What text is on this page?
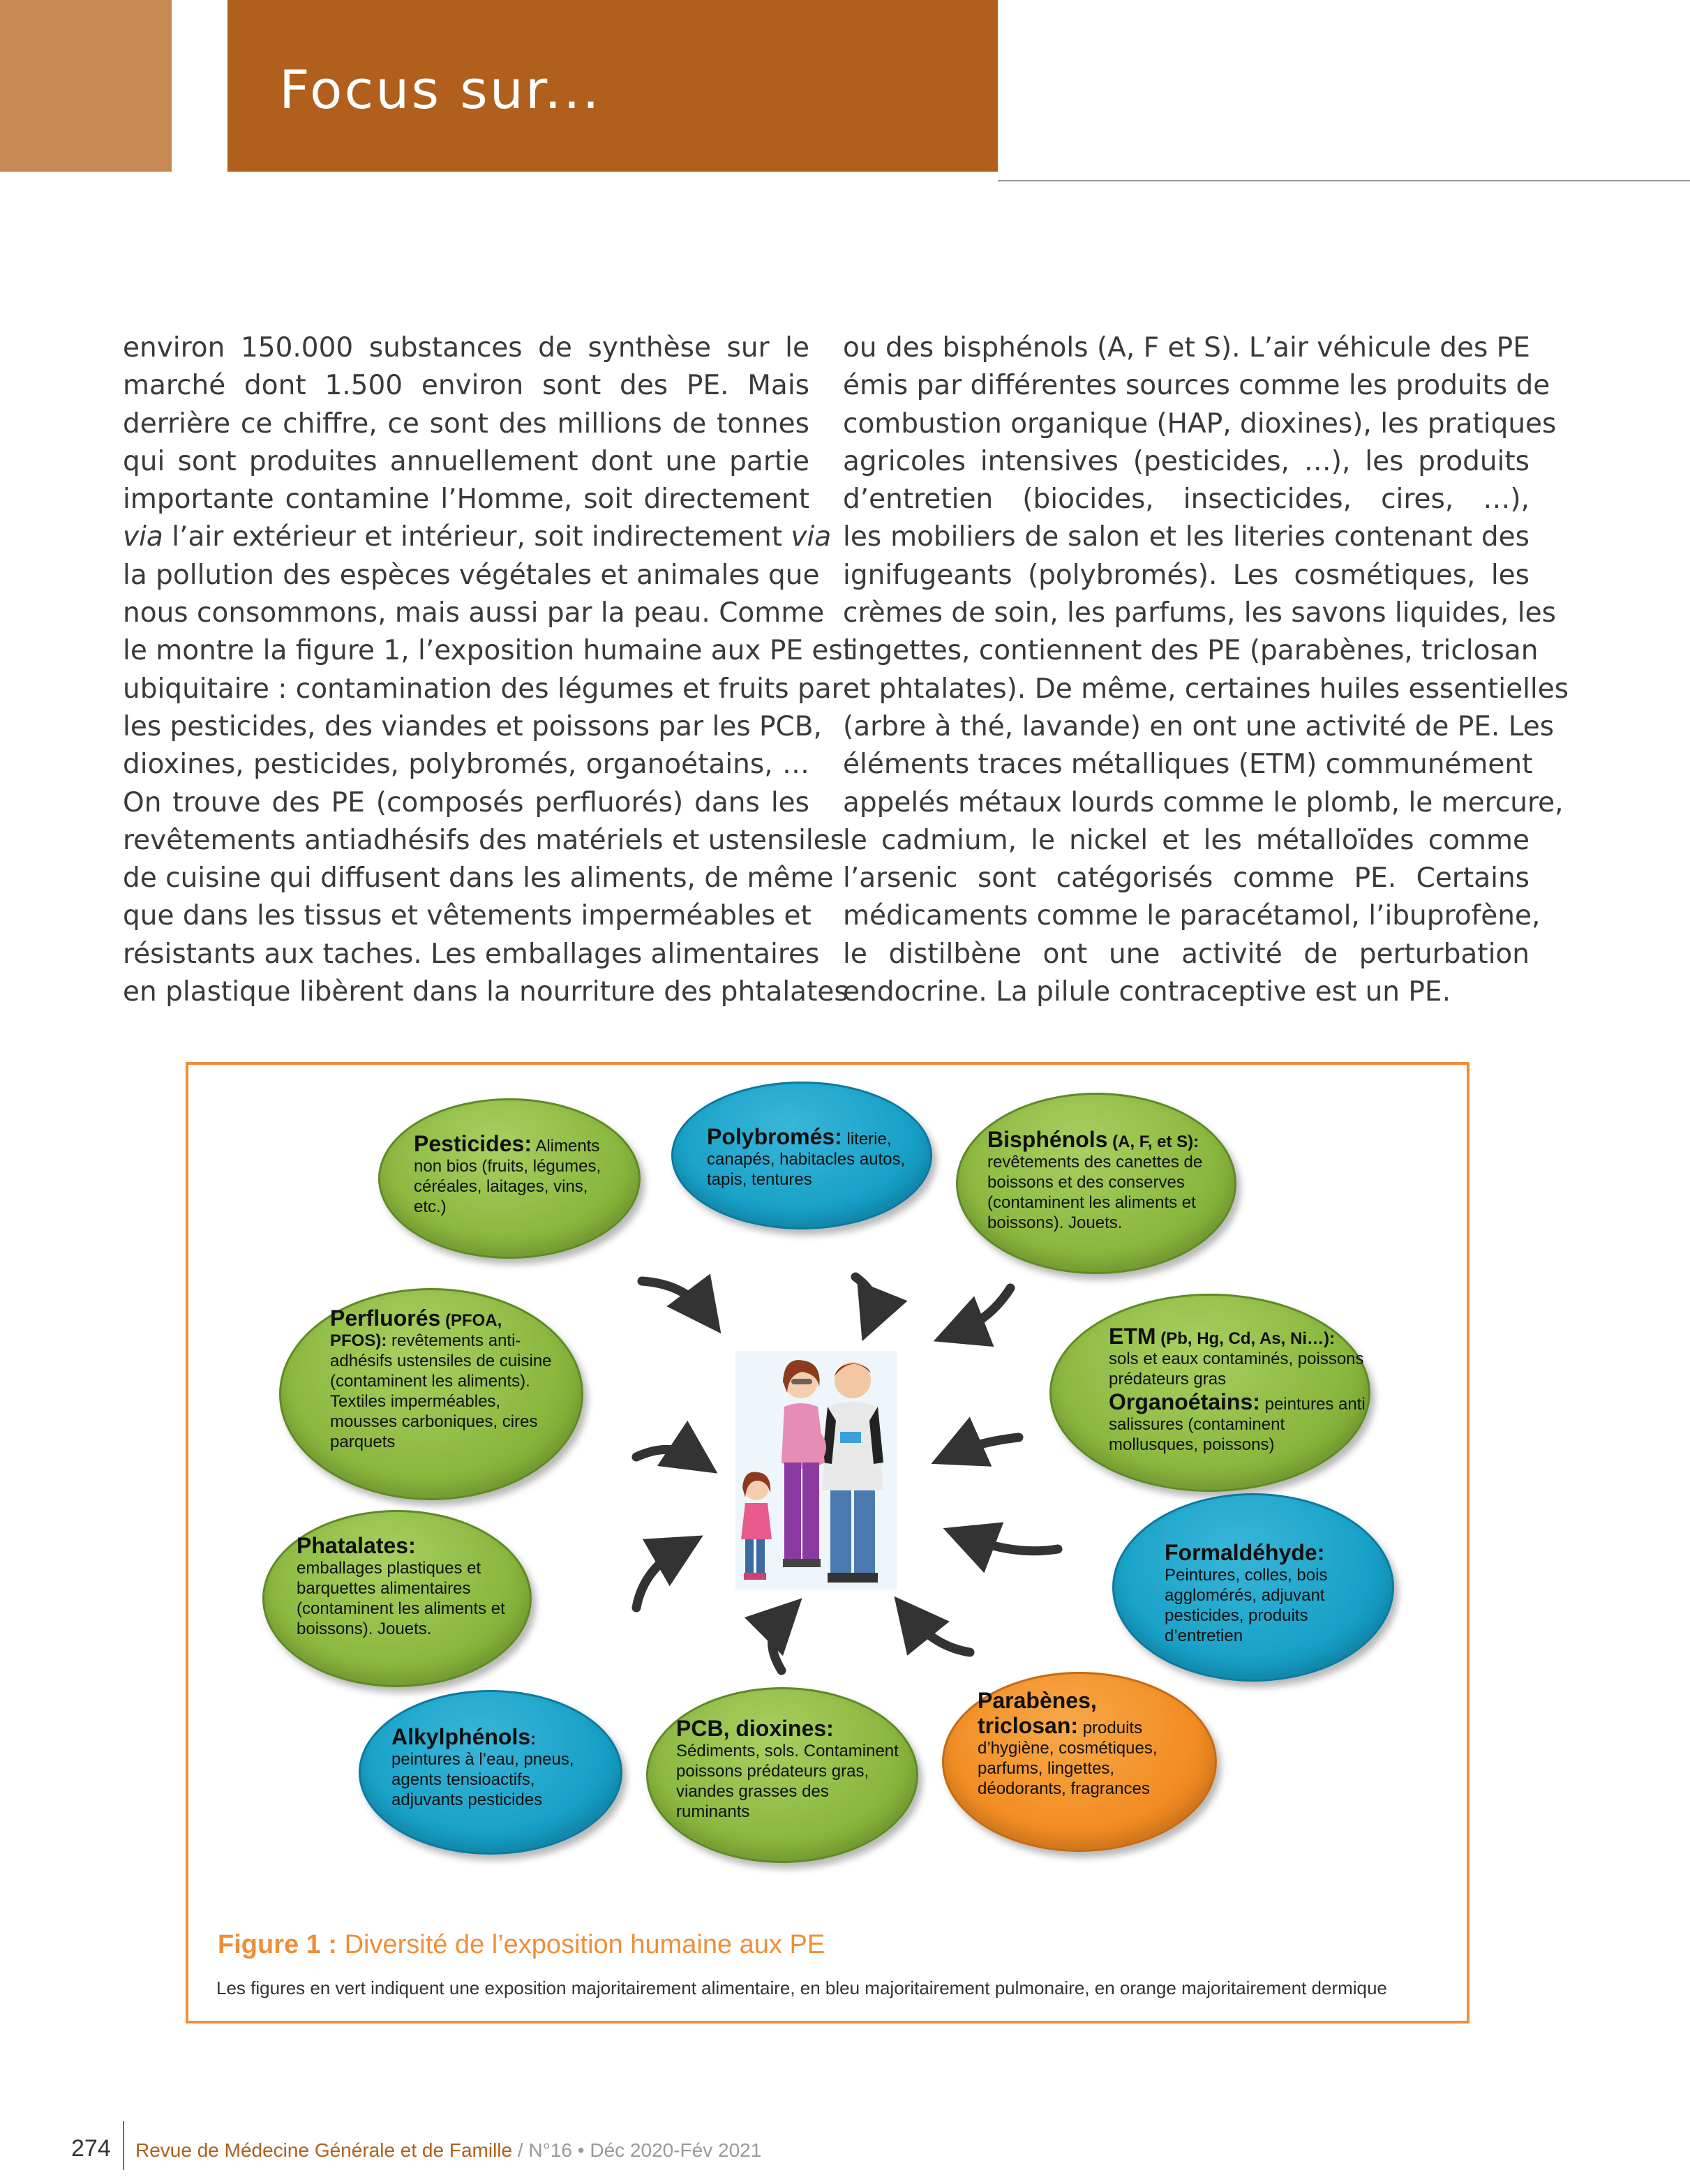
Focus sur...
environ 150.000 substances de synthèse sur le
marché dont 1.500 environ sont des PE. Mais
derrière ce chiffre, ce sont des millions de tonnes
qui sont produites annuellement dont une partie
importante contamine l’Homme, soit directement
via l’air extérieur et intérieur, soit indirectement via
la pollution des espèces végétales et animales que
nous consommons, mais aussi par la peau. Comme
le montre la figure 1, l’exposition humaine aux PE est
ubiquitaire : contamination des légumes et fruits par
les pesticides, des viandes et poissons par les PCB,
dioxines, pesticides, polybromés, organoétains, …
On trouve des PE (composés perfluorés) dans les
revêtements antiadhésifs des matériels et ustensiles
de cuisine qui diffusent dans les aliments, de même
que dans les tissus et vêtements imperméables et
résistants aux taches. Les emballages alimentaires
en plastique libèrent dans la nourriture des phtalates
ou des bisphénols (A, F et S). L’air véhicule des PE
émis par différentes sources comme les produits de
combustion organique (HAP, dioxines), les pratiques
agricoles intensives (pesticides, …), les produits
d’entretien (biocides, insecticides, cires, …),
les mobiliers de salon et les literies contenant des
ignifugeants (polybromés). Les cosmétiques, les
crèmes de soin, les parfums, les savons liquides, les
lingettes, contiennent des PE (parabènes, triclosan
et phtalates). De même, certaines huiles essentielles
(arbre à thé, lavande) en ont une activité de PE. Les
éléments traces métalliques (ETM) communément
appelés métaux lourds comme le plomb, le mercure,
le cadmium, le nickel et les métalloïdes comme
l’arsenic sont catégorisés comme PE. Certains
médicaments comme le paracétamol, l’ibuprofène,
le distilbène ont une activité de perturbation
endocrine. La pilule contraceptive est un PE.
Pesticides: Aliments non bios (fruits, légumes, céréales, laitages, vins, etc.)
Polybromés: literie, canapés, habitacles autos, tapis, tentures
Bisphénols (A, F, et S):
revêtements des canettes de boissons et des conserves (contaminent les aliments et boissons). Jouets.
Perfluorés (PFOA, PFOS): revêtements anti-adhésifs ustensiles de cuisine (contaminent les aliments). Textiles imperméables, mousses carboniques, cires parquets
ETM (Pb, Hg, Cd, As, Ni…):
sols et eaux contaminés, poissons prédateurs gras
Organoétains: peintures anti salissures (contaminent mollusques, poissons)
Phatalates:
emballages plastiques et barquettes alimentaires (contaminent les aliments et boissons). Jouets.
Formaldéhyde:
Peintures, colles, bois agglomérés, adjuvant pesticides, produits d’entretien
Alkylphénols:
peintures à l’eau, pneus, agents tensioactifs, adjuvants pesticides
PCB, dioxines:
Sédiments, sols. Contaminent poissons prédateurs gras, viandes grasses des ruminants
Parabènes, triclosan: produits d’hygiène, cosmétiques, parfums, lingettes, déodorants, fragrances
Figure 1 : Diversité de l’exposition humaine aux PE
Les figures en vert indiquent une exposition majoritairement alimentaire, en bleu majoritairement pulmonaire, en orange majoritairement dermique
274 Revue de Médecine Générale et de Famille / N°16 • Déc 2020-Fév 2021
